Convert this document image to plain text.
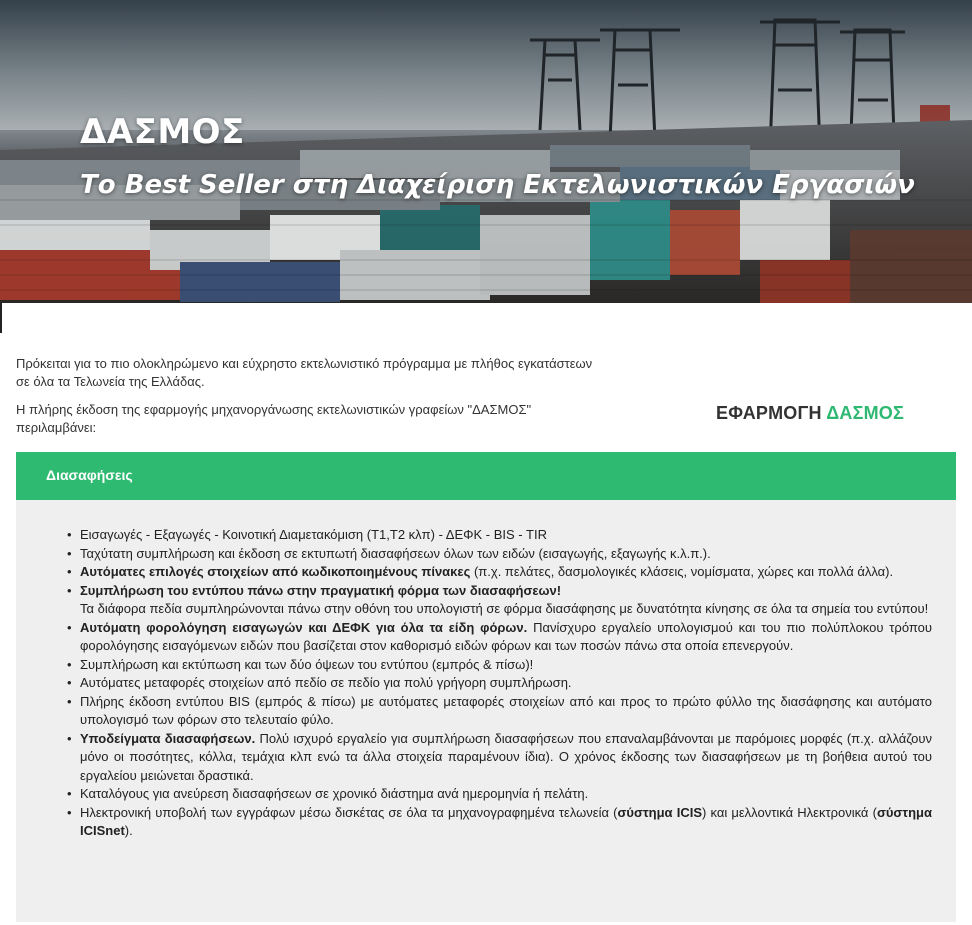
ΔΑΣΜΟΣ
Το Best Seller στη Διαχείριση Εκτελωνιστικών Εργασιών

Πρόκειται για το πιο ολοκληρώμενο και εύχρηστο εκτελωνιστικό πρόγραμμα με πλήθος εγκατάστεων σε όλα τα Τελωνεία της Ελλάδας.

Η πλήρης έκδοση της εφαρμογής μηχανοργάνωσης εκτελωνιστικών γραφείων "ΔΑΣΜΟΣ" περιλαμβάνει:

ΕΦΑΡΜΟΓΗ ΔΑΣΜΟΣ
Διασαφήσεις
• Εισαγωγές - Εξαγωγές - Κοινοτική Διαμετακόμιση (Τ1,Τ2 κλπ) - ΔΕΦΚ - BIS - TIR
• Ταχύτατη συμπλήρωση και έκδοση σε εκτυπωτή διασαφήσεων όλων των ειδών (εισαγωγής, εξαγωγής κ.λ.π.).
• Αυτόματες επιλογές στοιχείων από κωδικοποιημένους πίνακες (π.χ. πελάτες, δασμολογικές κλάσεις, νομίσματα, χώρες και πολλά άλλα).
• Συμπλήρωση του εντύπου πάνω στην πραγματική φόρμα των διασαφήσεων!
Τα διάφορα πεδία συμπληρώνονται πάνω στην οθόνη του υπολογιστή σε φόρμα διασάφησης με δυνατότητα κίνησης σε όλα τα σημεία του εντύπου!
• Αυτόματη φορολόγηση εισαγωγών και ΔΕΦΚ για όλα τα είδη φόρων. Πανίσχυρο εργαλείο υπολογισμού και του πιο πολύπλοκου τρόπου φορολόγησης εισαγόμενων ειδών που βασίζεται στον καθορισμό ειδών φόρων και των ποσών πάνω στα οποία επενεργούν.
• Συμπλήρωση και εκτύπωση και των δύο όψεων του εντύπου (εμπρός & πίσω)!
• Αυτόματες μεταφορές στοιχείων από πεδίο σε πεδίο για πολύ γρήγορη συμπλήρωση.
• Πλήρης έκδοση εντύπου BIS (εμπρός & πίσω) με αυτόματες μεταφορές στοιχείων από και προς το πρώτο φύλλο της διασάφησης και αυτόματο υπολογισμό των φόρων στο τελευταίο φύλο.
• Υποδείγματα διασαφήσεων. Πολύ ισχυρό εργαλείο για συμπλήρωση διασαφήσεων που επαναλαμβάνονται με παρόμοιες μορφές (π.χ. αλλάζουν μόνο οι ποσότητες, κόλλα, τεμάχια κλπ ενώ τα άλλα στοιχεία παραμένουν ίδια). Ο χρόνος έκδοσης των διασαφήσεων με τη βοήθεια αυτού του εργαλείου μειώνεται δραστικά.
• Καταλόγους για ανεύρεση διασαφήσεων σε χρονικό διάστημα ανά ημερομηνία ή πελάτη.
• Ηλεκτρονική υποβολή των εγγράφων μέσω δισκέτας σε όλα τα μηχανογραφημένα τελωνεία (σύστημα ICIS) και μελλοντικά Ηλεκτρονικά (σύστημα ICISnet).
